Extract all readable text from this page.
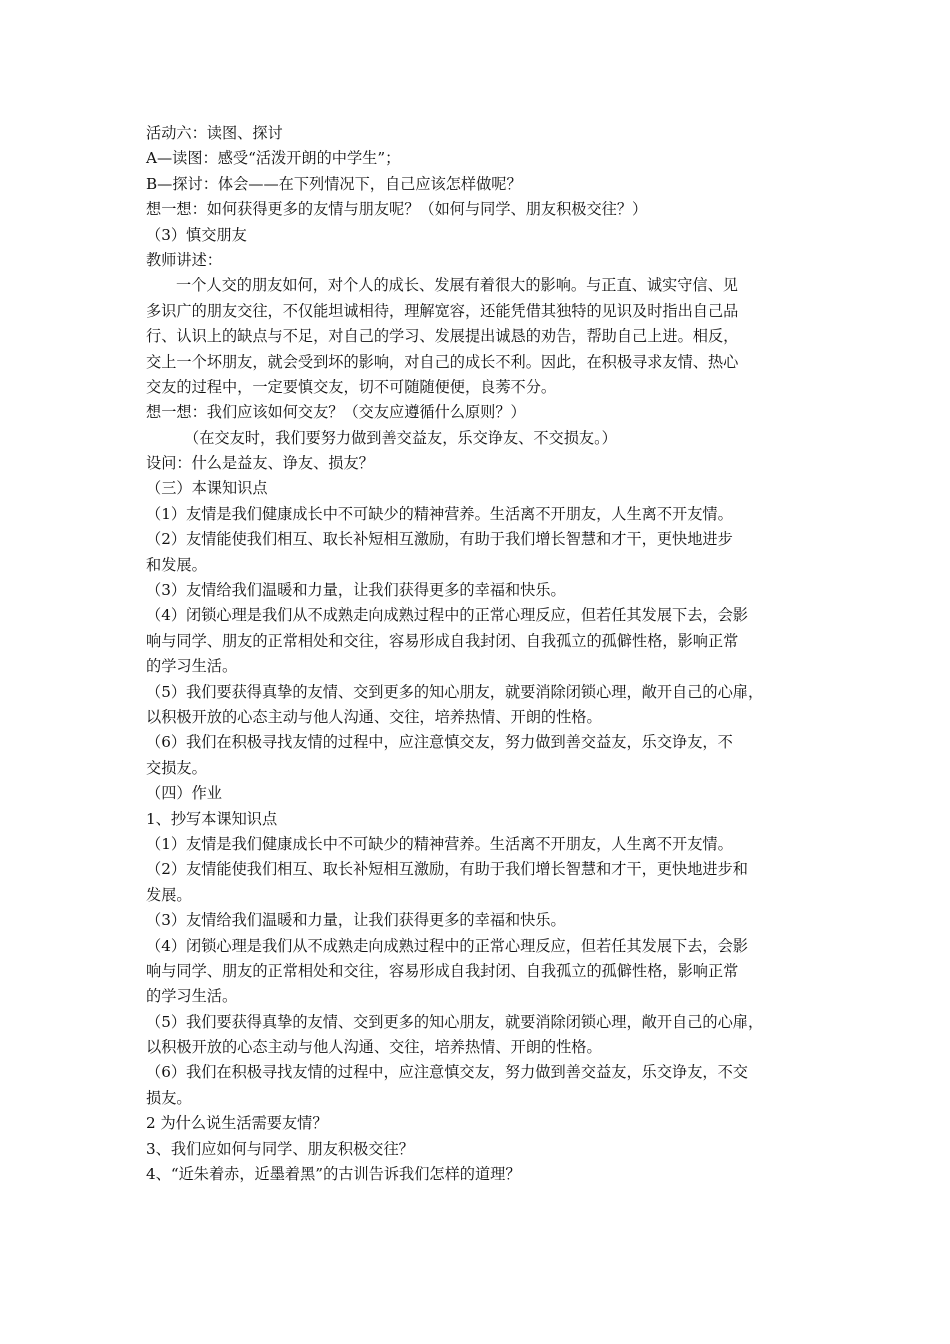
活动六：读图、探讨
A—读图：感受“活泼开朗的中学生”；
B—探讨：体会——在下列情况下，自己应该怎样做呢？
想一想：如何获得更多的友情与朋友呢？（如何与同学、朋友积极交往？）
（3）慎交朋友
教师讲述：
一个人交的朋友如何，对个人的成长、发展有着很大的影响。与正直、诚实守信、见
多识广的朋友交往，不仅能坦诚相待，理解宽容，还能凭借其独特的见识及时指出自己品
行、认识上的缺点与不足，对自己的学习、发展提出诚恳的劝告，帮助自己上进。相反，
交上一个坏朋友，就会受到坏的影响，对自己的成长不利。因此，在积极寻求友情、热心
交友的过程中，一定要慎交友，切不可随随便便，良莠不分。
想一想：我们应该如何交友？（交友应遵循什么原则？）
（在交友时，我们要努力做到善交益友，乐交诤友、不交损友。）
设问：什么是益友、诤友、损友？
（三）本课知识点
（1）友情是我们健康成长中不可缺少的精神营养。生活离不开朋友，人生离不开友情。
（2）友情能使我们相互、取长补短相互激励，有助于我们增长智慧和才干，更快地进步
和发展。
（3）友情给我们温暖和力量，让我们获得更多的幸福和快乐。
（4）闭锁心理是我们从不成熟走向成熟过程中的正常心理反应，但若任其发展下去，会影
响与同学、朋友的正常相处和交往，容易形成自我封闭、自我孤立的孤僻性格，影响正常
的学习生活。
（5）我们要获得真挚的友情、交到更多的知心朋友，就要消除闭锁心理，敞开自己的心扉，
以积极开放的心态主动与他人沟通、交往，培养热情、开朗的性格。
（6）我们在积极寻找友情的过程中，应注意慎交友，努力做到善交益友，乐交诤友，不
交损友。
（四）作业
1、抄写本课知识点
（1）友情是我们健康成长中不可缺少的精神营养。生活离不开朋友，人生离不开友情。
（2）友情能使我们相互、取长补短相互激励，有助于我们增长智慧和才干，更快地进步和
发展。
（3）友情给我们温暖和力量，让我们获得更多的幸福和快乐。
（4）闭锁心理是我们从不成熟走向成熟过程中的正常心理反应，但若任其发展下去，会影
响与同学、朋友的正常相处和交往，容易形成自我封闭、自我孤立的孤僻性格，影响正常
的学习生活。
（5）我们要获得真挚的友情、交到更多的知心朋友，就要消除闭锁心理，敞开自己的心扉，
以积极开放的心态主动与他人沟通、交往，培养热情、开朗的性格。
（6）我们在积极寻找友情的过程中，应注意慎交友，努力做到善交益友，乐交诤友，不交
损友。
2 为什么说生活需要友情？
3、我们应如何与同学、朋友积极交往？
4、“近朱着赤，近墨着黑”的古训告诉我们怎样的道理？
